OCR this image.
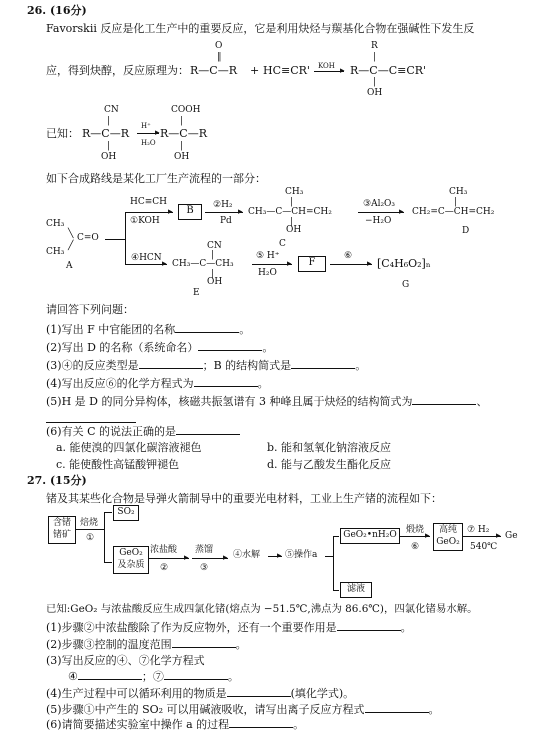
26. (16分)
Favorskii 反应是化工生产中的重要反应，它是利用炔烃与羰基化合物在强碱性下发生反
O
‖
R
|
应，得到炔醇，反应原理为： R—C—R + HC≡CR' KOH ▸ R—C—C≡CR'
|
OH
CN
|
COOH
|
已知： R—C—R
H⁺
▸
H₂O
R—C—R
|	|
OH	OH
如下合成路线是某化工厂生产流程的一部分：
CH₃
╲ C=O
╱
CH₃
A
HC≡CH
▸
①KOH
B	②H₂
▸
Pd
CH₃
|
CH₃—C—CH=CH₂
|
OH
C
③Al₂O₃
▸
−H₂O
CH₃
|
CH₂=C—CH=CH₂
D
④HCN
▸
CN
|
CH₃—C—CH₃
|
OH
E
⑤ H⁺
▸
H₂O
F
⑥
▸ [C₄H₆O₂]ₙ
G
请回答下列问题：
(1)写出 F 中官能团的名称	。
(2)写出 D 的名称（系统命名）	。
(3)④的反应类型是	；B 的结构简式是	。
(4)写出反应⑥的化学方程式为	。
(5)H 是 D 的同分异构体，核磁共振氢谱有 3 种峰且属于炔烃的结构简式为	、
(6)有关 C 的说法正确的是
a. 能使溴的四氯化碳溶液褪色	b. 能和氢氧化钠溶液反应
c. 能使酸性高锰酸钾褪色	d. 能与乙酸发生酯化反应
27. (15分)
锗及其某些化合物是导弹火箭制导中的重要光电材料，工业上生产锗的流程如下：
含锗
锗矿
焙烧
①
SO₂
GeO₂
及杂质
浓盐酸
▸
②
蒸馏
▸
③
④水解 ▸ ⑤操作a
GeO₂•nH₂O
滤液
煅烧
▸
⑥
高纯
GeO₂
⑦ H₂
▸
540℃
Ge
已知:GeO₂ 与浓盐酸反应生成四氯化锗(熔点为 −51.5℃,沸点为 86.6℃)，四氯化锗易水解。
(1)步骤②中浓盐酸除了作为反应物外，还有一个重要作用是	。
(2)步骤③控制的温度范围	。
(3)写出反应的④、⑦化学方程式
④	；⑦	。
(4)生产过程中可以循环利用的物质是	(填化学式)。
(5)步骤①中产生的 SO₂ 可以用碱液吸收，请写出离子反应方程式	。
(6)请简要描述实验室中操作 a 的过程	。
